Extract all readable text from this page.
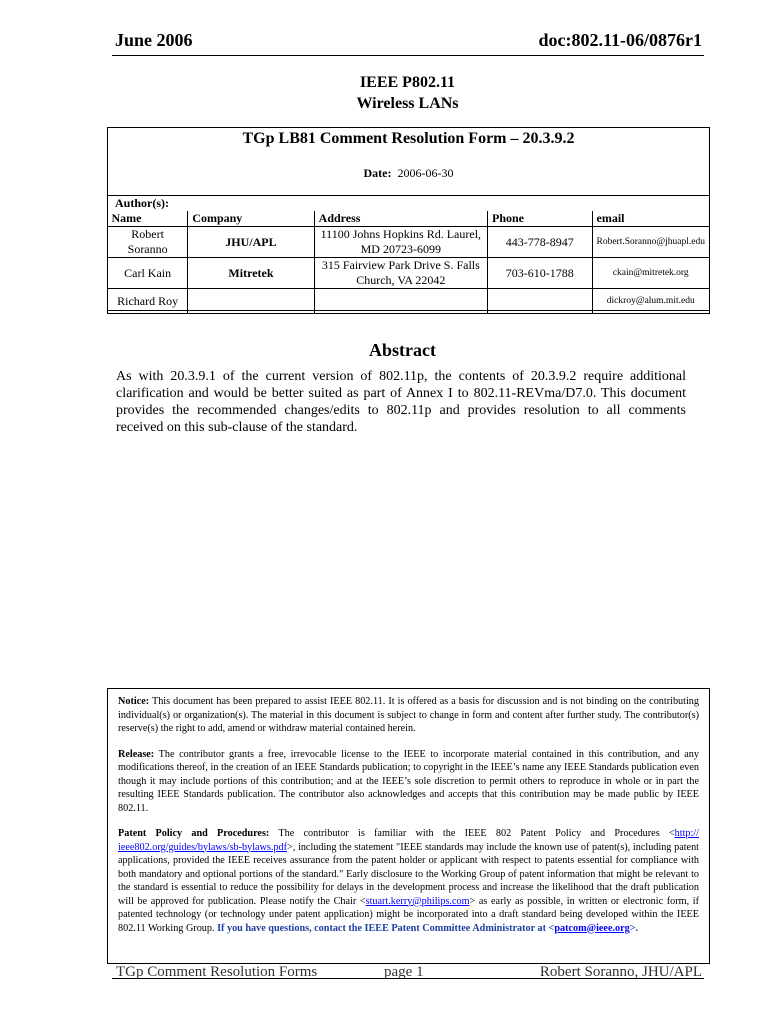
June 2006	doc:802.11-06/0876r1
IEEE P802.11
Wireless LANs
TGp LB81 Comment Resolution Form – 20.3.9.2
Date: 2006-06-30
Author(s):
Name	Company	Address	Phone	email
Robert Soranno	JHU/APL	11100 Johns Hopkins Rd. Laurel, MD 20723-6099	443-778-8947	Robert.Soranno@jhuapl.edu
Carl Kain	Mitretek	315 Fairview Park Drive S. Falls Church, VA 22042	703-610-1788	ckain@mitretek.org
Richard Roy				dickroy@alum.mit.edu
Abstract
As with 20.3.9.1 of the current version of 802.11p, the contents of 20.3.9.2 require additional clarification and would be better suited as part of Annex I to 802.11-REVma/D7.0. This document provides the recommended changes/edits to 802.11p and provides resolution to all comments received on this sub-clause of the standard.

Notice: This document has been prepared to assist IEEE 802.11. It is offered as a basis for discussion and is not binding on the contributing individual(s) or organization(s). The material in this document is subject to change in form and content after further study. The contributor(s) reserve(s) the right to add, amend or withdraw material contained herein.

Release: The contributor grants a free, irrevocable license to the IEEE to incorporate material contained in this contribution, and any modifications thereof, in the creation of an IEEE Standards publication; to copyright in the IEEE’s name any IEEE Standards publication even though it may include portions of this contribution; and at the IEEE’s sole discretion to permit others to reproduce in whole or in part the resulting IEEE Standards publication. The contributor also acknowledges and accepts that this contribution may be made public by IEEE 802.11.

Patent Policy and Procedures: The contributor is familiar with the IEEE 802 Patent Policy and Procedures <http:// ieee802.org/guides/bylaws/sb-bylaws.pdf>, including the statement "IEEE standards may include the known use of patent(s), including patent applications, provided the IEEE receives assurance from the patent holder or applicant with respect to patents essential for compliance with both mandatory and optional portions of the standard." Early disclosure to the Working Group of patent information that might be relevant to the standard is essential to reduce the possibility for delays in the development process and increase the likelihood that the draft publication will be approved for publication. Please notify the Chair <stuart.kerry@philips.com> as early as possible, in written or electronic form, if patented technology (or technology under patent application) might be incorporated into a draft standard being developed within the IEEE 802.11 Working Group. If you have questions, contact the IEEE Patent Committee Administrator at <patcom@ieee.org>.

TGp Comment Resolution Forms	page 1	Robert Soranno, JHU/APL
